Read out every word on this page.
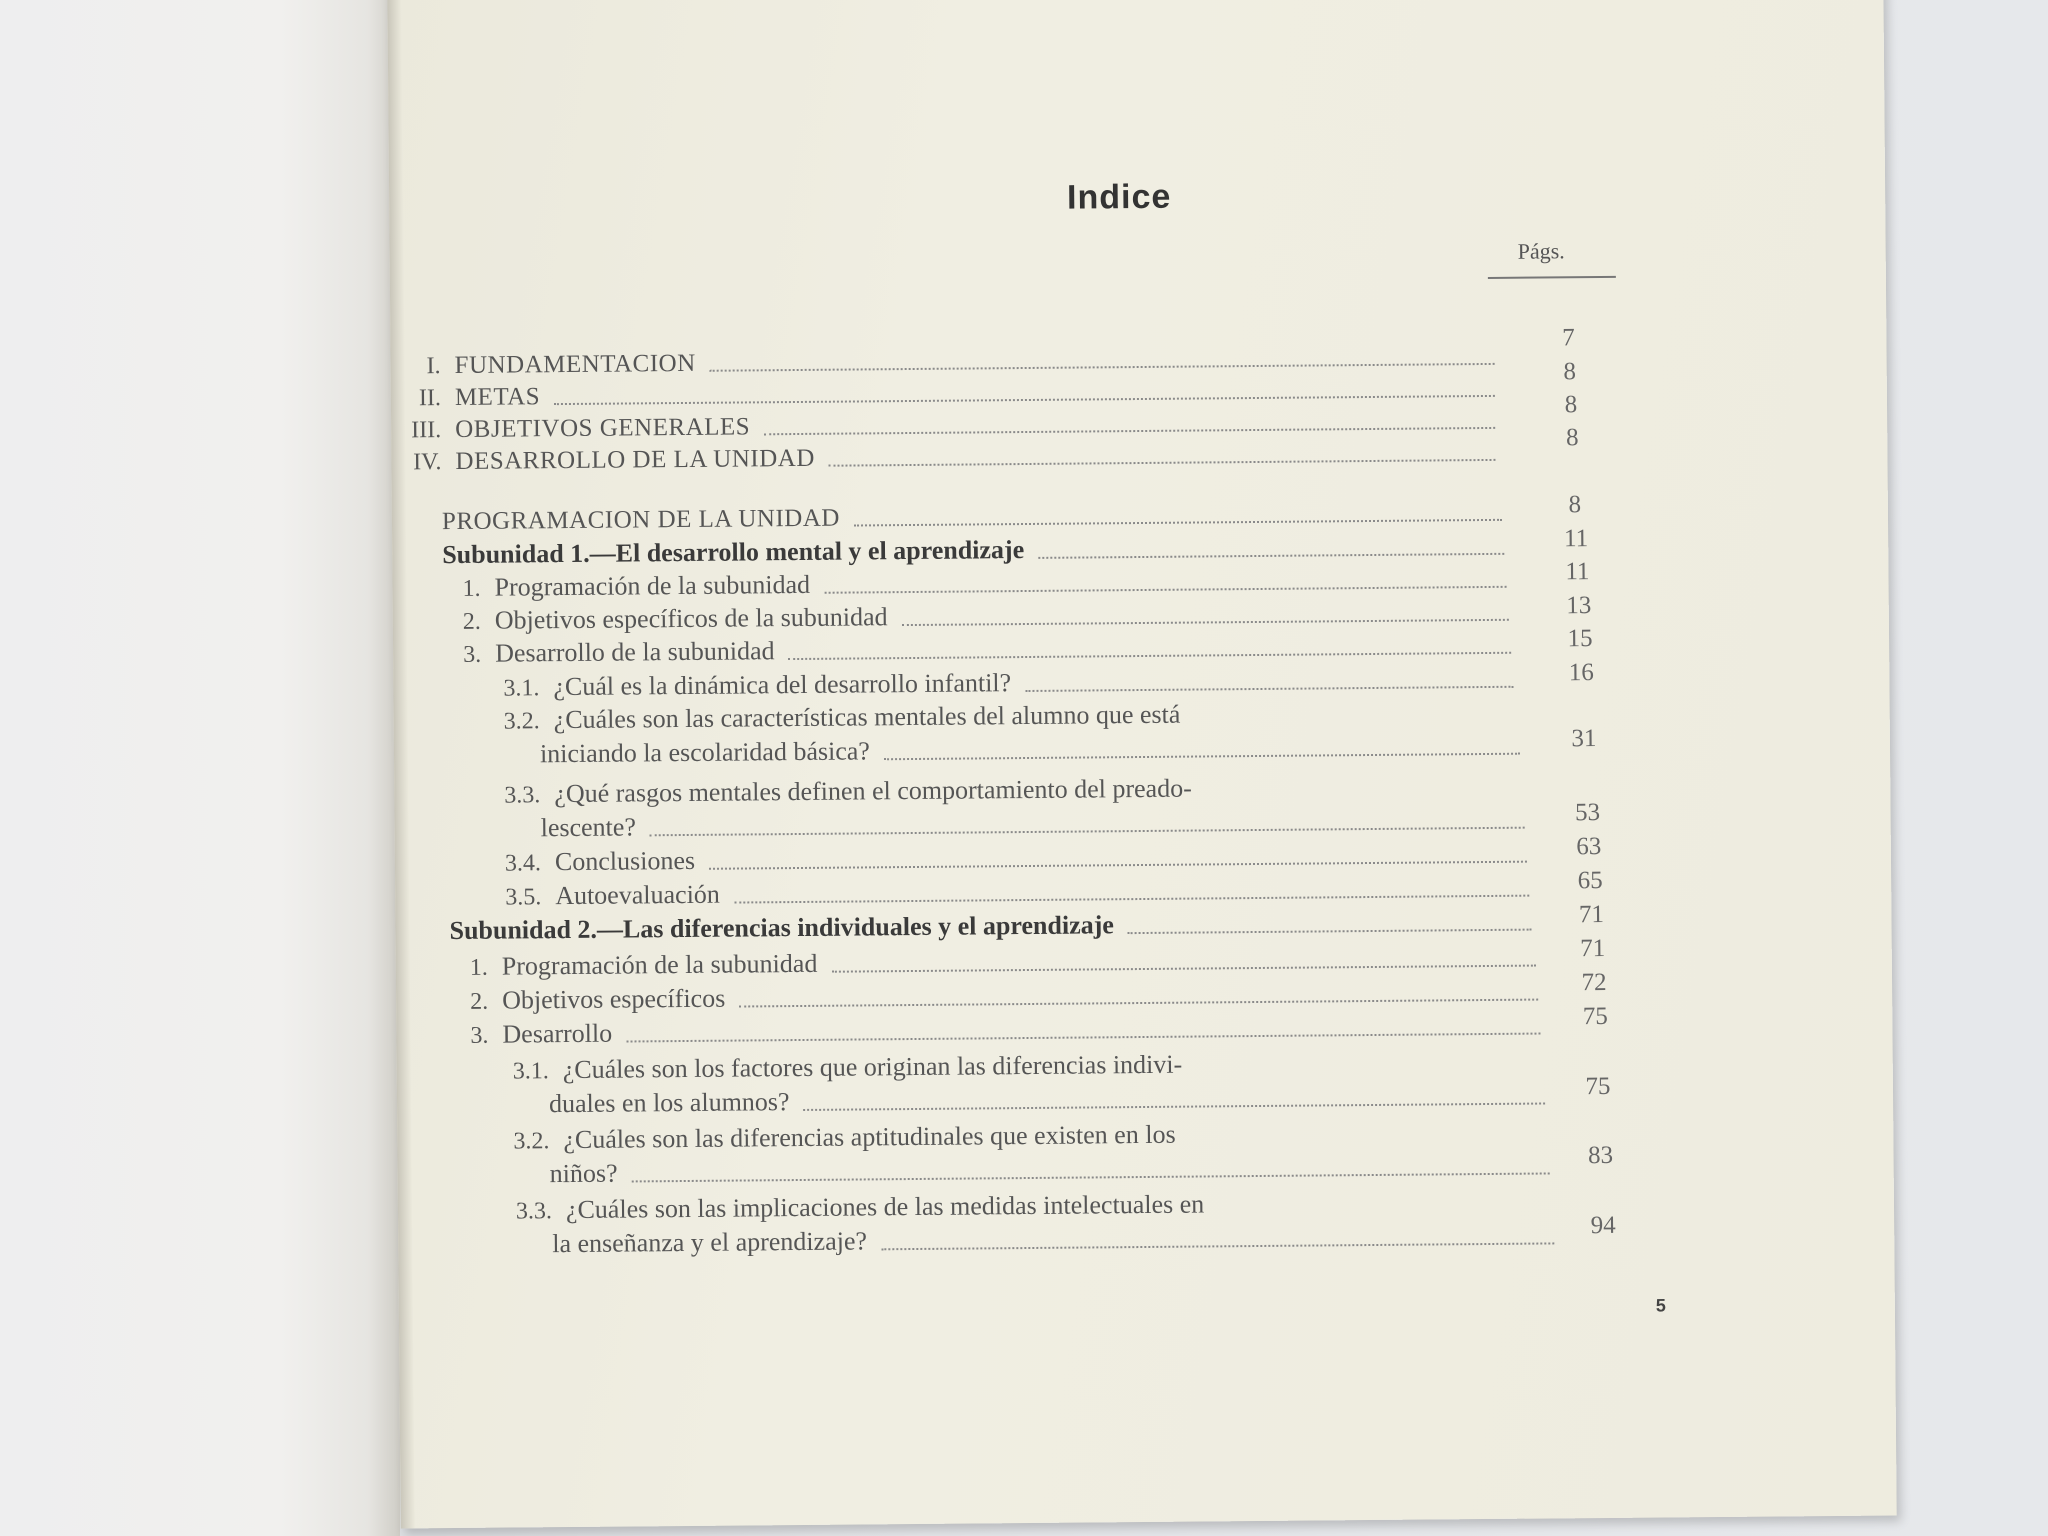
Indice
Págs.
I. FUNDAMENTACION
II. METAS
III. OBJETIVOS GENERALES
IV. DESARROLLO DE LA UNIDAD
PROGRAMACION DE LA UNIDAD
Subunidad 1.—El desarrollo mental y el aprendizaje
1. Programación de la subunidad
2. Objetivos específicos de la subunidad
3. Desarrollo de la subunidad
3.1. ¿Cuál es la dinámica del desarrollo infantil?
3.2. ¿Cuáles son las características mentales del alumno que está
iniciando la escolaridad básica?
3.3. ¿Qué rasgos mentales definen el comportamiento del preado-
lescente?
3.4. Conclusiones
3.5. Autoevaluación
Subunidad 2.—Las diferencias individuales y el aprendizaje
1. Programación de la subunidad
2. Objetivos específicos
3. Desarrollo
3.1. ¿Cuáles son los factores que originan las diferencias indivi-
duales en los alumnos?
3.2. ¿Cuáles son las diferencias aptitudinales que existen en los
niños?
3.3. ¿Cuáles son las implicaciones de las medidas intelectuales en
la enseñanza y el aprendizaje?
7
8
8
8
8
11
11
13
15
16
31
53
63
65
71
71
72
75
75
83
94
5
